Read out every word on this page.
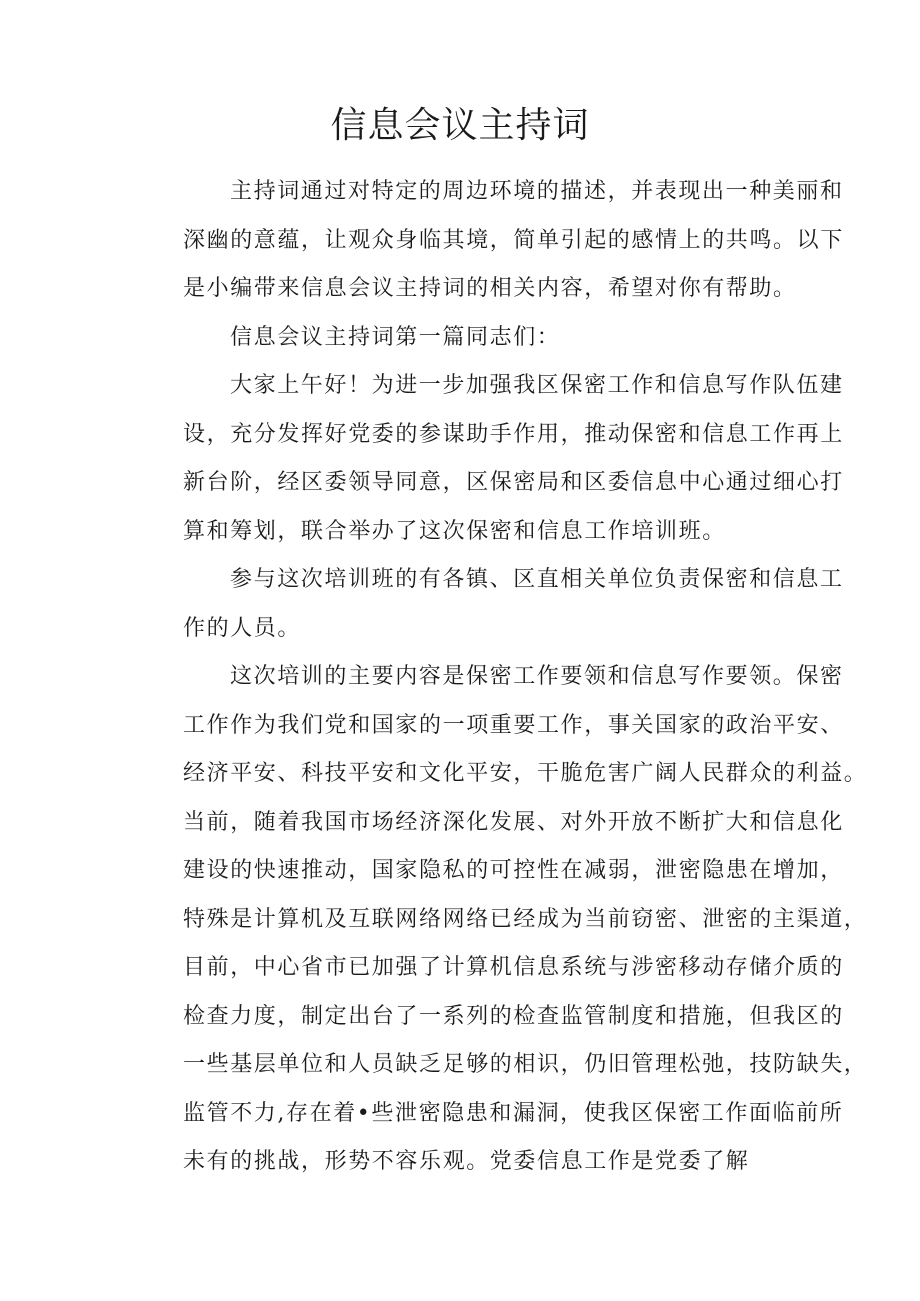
信息会议主持词
主持词通过对特定的周边环境的描述，并表现出一种美丽和
深幽的意蕴，让观众身临其境，简单引起的感情上的共鸣。以下
是小编带来信息会议主持词的相关内容，希望对你有帮助。
信息会议主持词第一篇同志们：
大家上午好！为进一步加强我区保密工作和信息写作队伍建
设，充分发挥好党委的参谋助手作用，推动保密和信息工作再上
新台阶，经区委领导同意，区保密局和区委信息中心通过细心打
算和筹划，联合举办了这次保密和信息工作培训班。
参与这次培训班的有各镇、区直相关单位负责保密和信息工
作的人员。
这次培训的主要内容是保密工作要领和信息写作要领。保密
工作作为我们党和国家的一项重要工作，事关国家的政治平安、
经济平安、科技平安和文化平安，干脆危害广阔人民群众的利益。
当前，随着我国市场经济深化发展、对外开放不断扩大和信息化
建设的快速推动，国家隐私的可控性在减弱，泄密隐患在增加，
特殊是计算机及互联网络网络已经成为当前窃密、泄密的主渠道，
目前，中心省市已加强了计算机信息系统与涉密移动存储介质的
检查力度，制定出台了一系列的检查监管制度和措施，但我区的
一些基层单位和人员缺乏足够的相识，仍旧管理松弛，技防缺失，
监管不力,存在着•些泄密隐患和漏洞，使我区保密工作面临前所
未有的挑战，形势不容乐观。党委信息工作是党委了解
